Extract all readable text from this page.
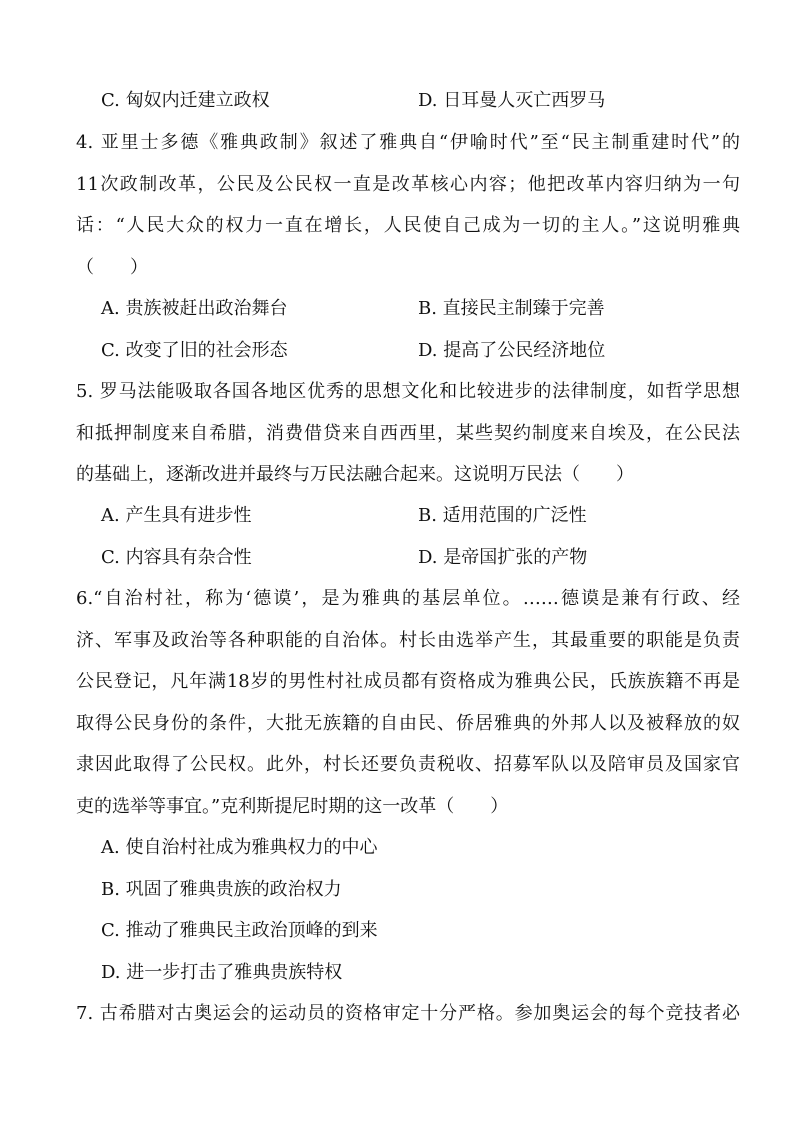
C. 匈奴内迁建立政权	D. 日耳曼人灭亡西罗马
4. 亚里士多德《雅典政制》叙述了雅典自“伊喻时代”至“民主制重建时代”的
11次政制改革，公民及公民权一直是改革核心内容；他把改革内容归纳为一句
话：“人民大众的权力一直在增长，人民使自己成为一切的主人。”这说明雅典
（　　）
A. 贵族被赶出政治舞台	B. 直接民主制臻于完善
C. 改变了旧的社会形态	D. 提高了公民经济地位
5. 罗马法能吸取各国各地区优秀的思想文化和比较进步的法律制度，如哲学思想
和抵押制度来自希腊，消费借贷来自西西里，某些契约制度来自埃及，在公民法
的基础上，逐渐改进并最终与万民法融合起来。这说明万民法（　　）
A. 产生具有进步性	B. 适用范围的广泛性
C. 内容具有杂合性	D. 是帝国扩张的产物
6.“自治村社，称为‘德谟’，是为雅典的基层单位。……德谟是兼有行政、经
济、军事及政治等各种职能的自治体。村长由选举产生，其最重要的职能是负责
公民登记，凡年满18岁的男性村社成员都有资格成为雅典公民，氏族族籍不再是
取得公民身份的条件，大批无族籍的自由民、侨居雅典的外邦人以及被释放的奴
隶因此取得了公民权。此外，村长还要负责税收、招募军队以及陪审员及国家官
吏的选举等事宜。”克利斯提尼时期的这一改革（　　）
A. 使自治村社成为雅典权力的中心
B. 巩固了雅典贵族的政治权力
C. 推动了雅典民主政治顶峰的到来
D. 进一步打击了雅典贵族特权
7. 古希腊对古奥运会的运动员的资格审定十分严格。参加奥运会的每个竞技者必
